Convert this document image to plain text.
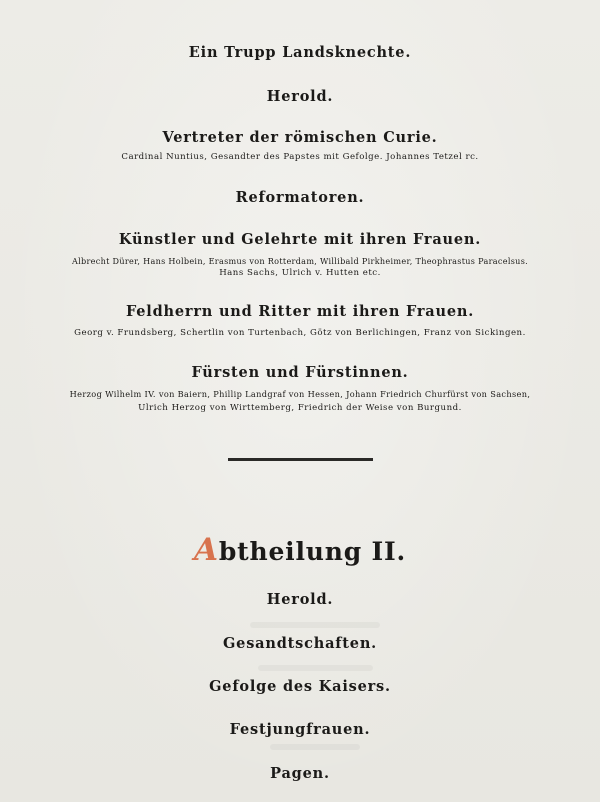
Ein Trupp Landsknechte.
Herold.
Vertreter der römischen Curie.
Cardinal Nuntius, Gesandter des Papstes mit Gefolge. Johannes Tetzel rc.
Reformatoren.
Künstler und Gelehrte mit ihren Frauen.
Albrecht Dürer, Hans Holbein, Erasmus von Rotterdam, Willibald Pirkheimer, Theophrastus Paracelsus.
Hans Sachs, Ulrich v. Hutten etc.
Feldherrn und Ritter mit ihren Frauen.
Georg v. Frundsberg, Schertlin von Turtenbach, Götz von Berlichingen, Franz von Sickingen.
Fürsten und Fürstinnen.
Herzog Wilhelm IV. von Baiern, Phillip Landgraf von Hessen, Johann Friedrich Churfürst von Sachsen,
Ulrich Herzog von Wirttemberg, Friedrich der Weise von Burgund.
Abtheilung II.
Herold.
Gesandtschaften.
Gefolge des Kaisers.
Festjungfrauen.
Pagen.
